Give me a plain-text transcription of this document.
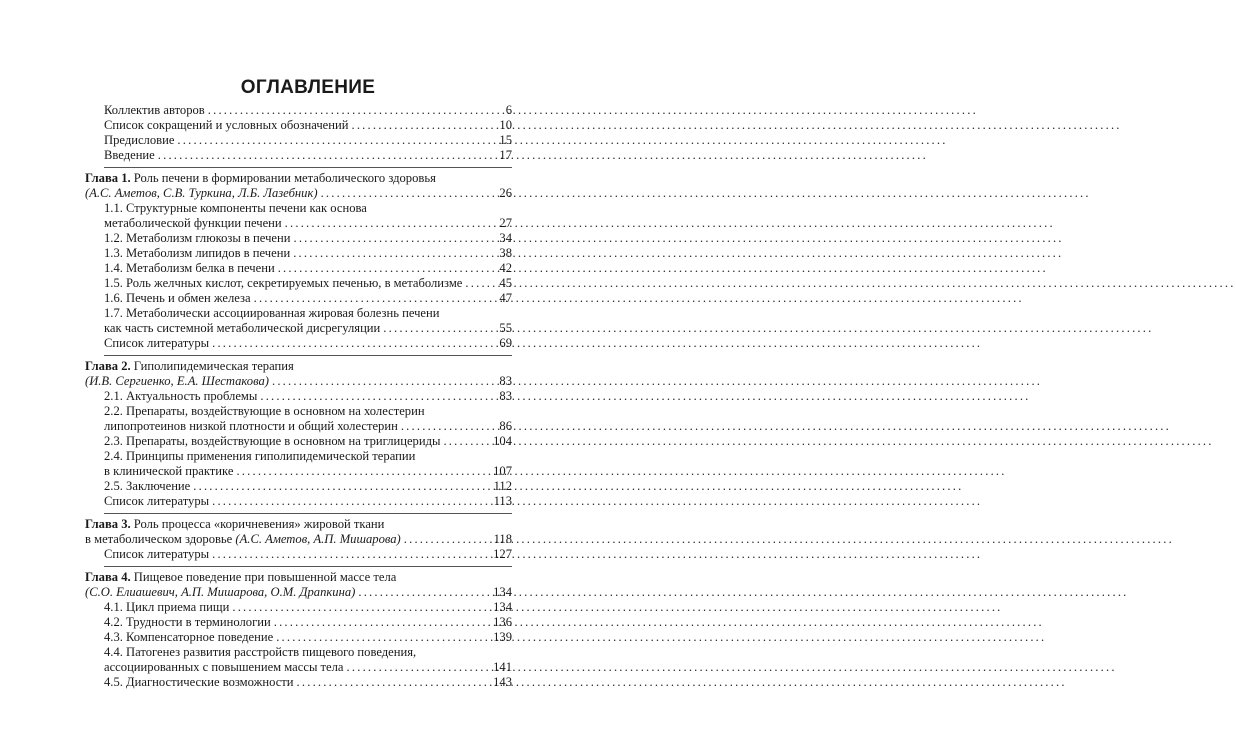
ОГЛАВЛЕНИЕ
Коллектив авторов .....	6
Список сокращений и условных обозначений .....	10
Предисловие .....	15
Введение .....	17
Глава 1. Роль печени в формировании метаболического здоровья
(А.С. Аметов, С.В. Туркина, Л.Б. Лазебник) .....	26
1.1. Структурные компоненты печени как основа
метаболической функции печени .....	27
1.2. Метаболизм глюкозы в печени .....	34
1.3. Метаболизм липидов в печени .....	38
1.4. Метаболизм белка в печени .....	42
1.5. Роль желчных кислот, секретируемых печенью, в метаболизме .....	45
1.6. Печень и обмен железа .....	47
1.7. Метаболически ассоциированная жировая болезнь печени
как часть системной метаболической дисрегуляции .....	55
Список литературы .....	69
Глава 2. Гиполипидемическая терапия
(И.В. Сергиенко, Е.А. Шестакова) .....	83
2.1. Актуальность проблемы .....	83
2.2. Препараты, воздействующие в основном на холестерин
липопротеинов низкой плотности и общий холестерин .....	86
2.3. Препараты, воздействующие в основном на триглицериды .....	104
2.4. Принципы применения гиполипидемической терапии
в клинической практике .....	107
2.5. Заключение .....	112
Список литературы .....	113
Глава 3. Роль процесса «коричневения» жировой ткани
в метаболическом здоровье (А.С. Аметов, А.П. Мишарова) .....	118
Список литературы .....	127
Глава 4. Пищевое поведение при повышенной массе тела
(С.О. Елиашевич, А.П. Мишарова, О.М. Драпкина) .....	134
4.1. Цикл приема пищи .....	134
4.2. Трудности в терминологии .....	136
4.3. Компенсаторное поведение .....	139
4.4. Патогенез развития расстройств пищевого поведения,
ассоциированных с повышением массы тела .....	141
4.5. Диагностические возможности .....	143
